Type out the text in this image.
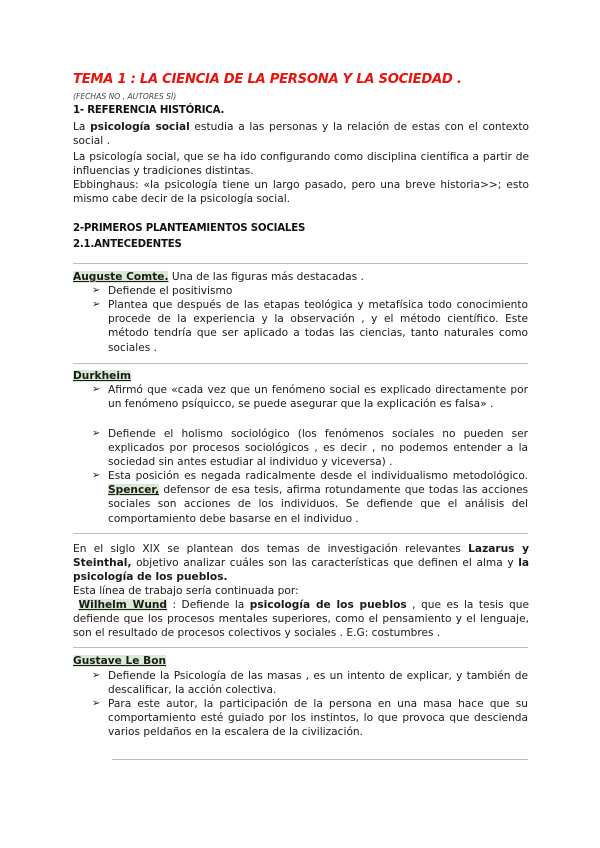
TEMA 1 : LA CIENCIA DE LA PERSONA Y LA SOCIEDAD .
(FECHAS NO , AUTORES SÍ)
1- REFERENCIA HISTÓRICA.
La psicología social estudia a las personas y la relación de estas con el contexto social .
La psicología social, que se ha ido configurando como disciplina científica a partir de influencias y tradiciones distintas.
Ebbinghaus: «la psicología tiene un largo pasado, pero una breve historia>>; esto mismo cabe decir de la psicología social.
2-PRIMEROS PLANTEAMIENTOS SOCIALES
2.1.ANTECEDENTES
Auguste Comte. Una de las figuras más destacadas .
➢ Defiende el positivismo
➢ Plantea que después de las etapas teológica y metafísica todo conocimiento procede de la experiencia y la observación , y el método científico. Este método tendría que ser aplicado a todas las ciencias, tanto naturales como sociales .
Durkheim
➢ Afirmó que «cada vez que un fenómeno social es explicado directamente por un fenómeno psíquicco, se puede asegurar que la explicación es falsa» .
➢ Defiende el holismo sociológico (los fenómenos sociales no pueden ser explicados por procesos sociológicos , es decir , no podemos entender a la sociedad sin antes estudiar al individuo y viceversa) .
➢ Esta posición es negada radicalmente desde el individualismo metodológico. Spencer, defensor de esa tesis, afirma rotundamente que todas las acciones sociales son acciones de los individuos. Se defiende que el análisis del comportamiento debe basarse en el individuo .
En el siglo XIX se plantean dos temas de investigación relevantes Lazarus y Steinthal, objetivo analizar cuáles son las características que definen el alma y la psicología de los pueblos.
Esta línea de trabajo sería continuada por:
Wilhelm Wund : Defiende la psicología de los pueblos , que es la tesis que defiende que los procesos mentales superiores, como el pensamiento y el lenguaje, son el resultado de procesos colectivos y sociales . E.G: costumbres .
Gustave Le Bon
➢ Defiende la Psicología de las masas , es un intento de explicar, y también de descalificar, la acción colectiva.
➢ Para este autor, la participación de la persona en una masa hace que su comportamiento esté guiado por los instintos, lo que provoca que descienda varios peldaños en la escalera de la civilización.
